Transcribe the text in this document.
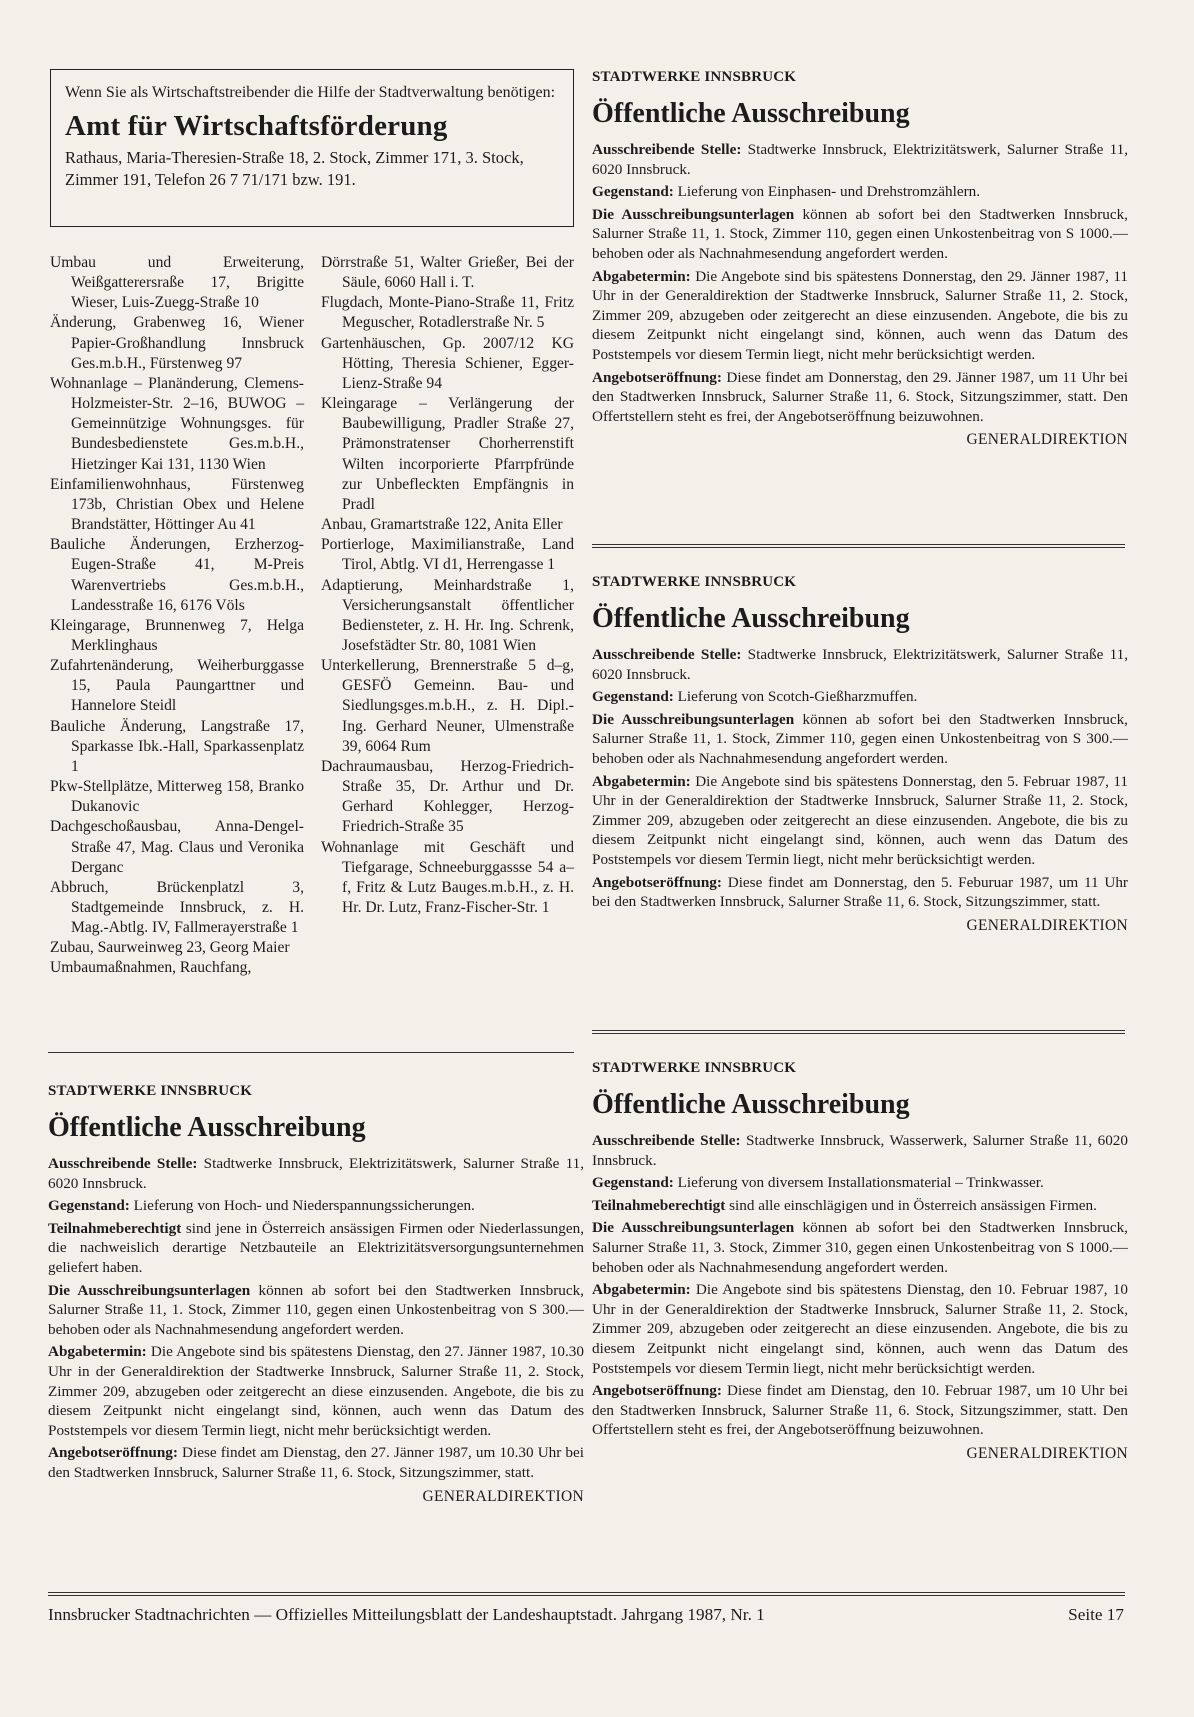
Wenn Sie als Wirtschaftstreibender die Hilfe der Stadtverwaltung benötigen:

Amt für Wirtschaftsförderung

Rathaus, Maria-Theresien-Straße 18, 2. Stock, Zimmer 171, 3. Stock, Zimmer 191, Telefon 26 7 71/171 bzw. 191.

Umbau und Erweiterung, Weißgatterersraße 17, Brigitte Wieser, Luis-Zuegg-Straße 10

Änderung, Grabenweg 16, Wiener Papier-Großhandlung Innsbruck Ges.m.b.H., Fürstenweg 97

Wohnanlage – Planänderung, Clemens-Holzmeister-Str. 2–16, BUWOG – Gemeinnützige Wohnungsges. für Bundesbedienstete Ges.m.b.H., Hietzinger Kai 131, 1130 Wien

Einfamilienwohnhaus, Fürstenweg 173b, Christian Obex und Helene Brandstätter, Höttinger Au 41

Bauliche Änderungen, Erzherzog-Eugen-Straße 41, M-Preis Warenvertriebs Ges.m.b.H., Landesstraße 16, 6176 Völs

Kleingarage, Brunnenweg 7, Helga Merklinghaus

Zufahrtenänderung, Weiherburggasse 15, Paula Paungarttner und Hannelore Steidl

Bauliche Änderung, Langstraße 17, Sparkasse Ibk.-Hall, Sparkassenplatz 1

Pkw-Stellplätze, Mitterweg 158, Branko Dukanovic

Dachgeschoßausbau, Anna-Dengel-Straße 47, Mag. Claus und Veronika Derganc

Abbruch, Brückenplatzl 3, Stadtgemeinde Innsbruck, z. H. Mag.-Abtlg. IV, Fallmerayerstraße 1

Zubau, Saurweinweg 23, Georg Maier

Umbaumaßnahmen, Rauchfang,

Dörrstraße 51, Walter Grießer, Bei der Säule, 6060 Hall i. T.

Flugdach, Monte-Piano-Straße 11, Fritz Meguscher, Rotadlerstraße Nr. 5

Gartenhäuschen, Gp. 2007/12 KG Hötting, Theresia Schiener, Egger-Lienz-Straße 94

Kleingarage – Verlängerung der Baubewilligung, Pradler Straße 27, Prämonstratenser Chorherrenstift Wilten incorporierte Pfarrpfründe zur Unbefleckten Empfängnis in Pradl

Anbau, Gramartstraße 122, Anita Eller

Portierloge, Maximilianstraße, Land Tirol, Abtlg. VI d1, Herrengasse 1

Adaptierung, Meinhardstraße 1, Versicherungsanstalt öffentlicher Bediensteter, z. H. Hr. Ing. Schrenk, Josefstädter Str. 80, 1081 Wien

Unterkellerung, Brennerstraße 5 d–g, GESFÖ Gemeinn. Bau- und Siedlungsges.m.b.H., z. H. Dipl.-Ing. Gerhard Neuner, Ulmenstraße 39, 6064 Rum

Dachraumausbau, Herzog-Friedrich-Straße 35, Dr. Arthur und Dr. Gerhard Kohlegger, Herzog-Friedrich-Straße 35

Wohnanlage mit Geschäft und Tiefgarage, Schneeburggassse 54 a–f, Fritz & Lutz Bauges.m.b.H., z. H. Hr. Dr. Lutz, Franz-Fischer-Str. 1

STADTWERKE INNSBRUCK

Öffentliche Ausschreibung

Ausschreibende Stelle: Stadtwerke Innsbruck, Elektrizitätswerk, Salurner Straße 11, 6020 Innsbruck.

Gegenstand: Lieferung von Einphasen- und Drehstromzählern.

Die Ausschreibungsunterlagen können ab sofort bei den Stadtwerken Innsbruck, Salurner Straße 11, 1. Stock, Zimmer 110, gegen einen Unkostenbeitrag von S 1000.— behoben oder als Nachnahmesendung angefordert werden.

Abgabetermin: Die Angebote sind bis spätestens Donnerstag, den 29. Jänner 1987, 11 Uhr in der Generaldirektion der Stadtwerke Innsbruck, Salurner Straße 11, 2. Stock, Zimmer 209, abzugeben oder zeitgerecht an diese einzusenden. Angebote, die bis zu diesem Zeitpunkt nicht eingelangt sind, können, auch wenn das Datum des Poststempels vor diesem Termin liegt, nicht mehr berücksichtigt werden.

Angebotseröffnung: Diese findet am Donnerstag, den 29. Jänner 1987, um 11 Uhr bei den Stadtwerken Innsbruck, Salurner Straße 11, 6. Stock, Sitzungszimmer, statt. Den Offertstellern steht es frei, der Angebotseröffnung beizuwohnen.

GENERALDIREKTION

STADTWERKE INNSBRUCK

Öffentliche Ausschreibung

Ausschreibende Stelle: Stadtwerke Innsbruck, Elektrizitätswerk, Salurner Straße 11, 6020 Innsbruck.

Gegenstand: Lieferung von Scotch-Gießharzmuffen.

Die Ausschreibungsunterlagen können ab sofort bei den Stadtwerken Innsbruck, Salurner Straße 11, 1. Stock, Zimmer 110, gegen einen Unkostenbeitrag von S 300.— behoben oder als Nachnahmesendung angefordert werden.

Abgabetermin: Die Angebote sind bis spätestens Donnerstag, den 5. Februar 1987, 11 Uhr in der Generaldirektion der Stadtwerke Innsbruck, Salurner Straße 11, 2. Stock, Zimmer 209, abzugeben oder zeitgerecht an diese einzusenden. Angebote, die bis zu diesem Zeitpunkt nicht eingelangt sind, können, auch wenn das Datum des Poststempels vor diesem Termin liegt, nicht mehr berücksichtigt werden.

Angebotseröffnung: Diese findet am Donnerstag, den 5. Feburuar 1987, um 11 Uhr bei den Stadtwerken Innsbruck, Salurner Straße 11, 6. Stock, Sitzungszimmer, statt.

GENERALDIREKTION

STADTWERKE INNSBRUCK

Öffentliche Ausschreibung

Ausschreibende Stelle: Stadtwerke Innsbruck, Elektrizitätswerk, Salurner Straße 11, 6020 Innsbruck.

Gegenstand: Lieferung von Hoch- und Niederspannungssicherungen.

Teilnahmeberechtigt sind jene in Österreich ansässigen Firmen oder Niederlassungen, die nachweislich derartige Netzbauteile an Elektrizitätsversorgungsunternehmen geliefert haben.

Die Ausschreibungsunterlagen können ab sofort bei den Stadtwerken Innsbruck, Salurner Straße 11, 1. Stock, Zimmer 110, gegen einen Unkostenbeitrag von S 300.— behoben oder als Nachnahmesendung angefordert werden.

Abgabetermin: Die Angebote sind bis spätestens Dienstag, den 27. Jänner 1987, 10.30 Uhr in der Generaldirektion der Stadtwerke Innsbruck, Salurner Straße 11, 2. Stock, Zimmer 209, abzugeben oder zeitgerecht an diese einzusenden. Angebote, die bis zu diesem Zeitpunkt nicht eingelangt sind, können, auch wenn das Datum des Poststempels vor diesem Termin liegt, nicht mehr berücksichtigt werden.

Angebotseröffnung: Diese findet am Dienstag, den 27. Jänner 1987, um 10.30 Uhr bei den Stadtwerken Innsbruck, Salurner Straße 11, 6. Stock, Sitzungszimmer, statt.

GENERALDIREKTION

STADTWERKE INNSBRUCK

Öffentliche Ausschreibung

Ausschreibende Stelle: Stadtwerke Innsbruck, Wasserwerk, Salurner Straße 11, 6020 Innsbruck.

Gegenstand: Lieferung von diversem Installationsmaterial – Trinkwasser.

Teilnahmeberechtigt sind alle einschlägigen und in Österreich ansässigen Firmen.

Die Ausschreibungsunterlagen können ab sofort bei den Stadtwerken Innsbruck, Salurner Straße 11, 3. Stock, Zimmer 310, gegen einen Unkostenbeitrag von S 1000.— behoben oder als Nachnahmesendung angefordert werden.

Abgabetermin: Die Angebote sind bis spätestens Dienstag, den 10. Februar 1987, 10 Uhr in der Generaldirektion der Stadtwerke Innsbruck, Salurner Straße 11, 2. Stock, Zimmer 209, abzugeben oder zeitgerecht an diese einzusenden. Angebote, die bis zu diesem Zeitpunkt nicht eingelangt sind, können, auch wenn das Datum des Poststempels vor diesem Termin liegt, nicht mehr berücksichtigt werden.

Angebotseröffnung: Diese findet am Dienstag, den 10. Februar 1987, um 10 Uhr bei den Stadtwerken Innsbruck, Salurner Straße 11, 6. Stock, Sitzungszimmer, statt. Den Offertstellern steht es frei, der Angebotseröffnung beizuwohnen.

GENERALDIREKTION
Innsbrucker Stadtnachrichten — Offizielles Mitteilungsblatt der Landeshauptstadt. Jahrgang 1987, Nr. 1	Seite 17
